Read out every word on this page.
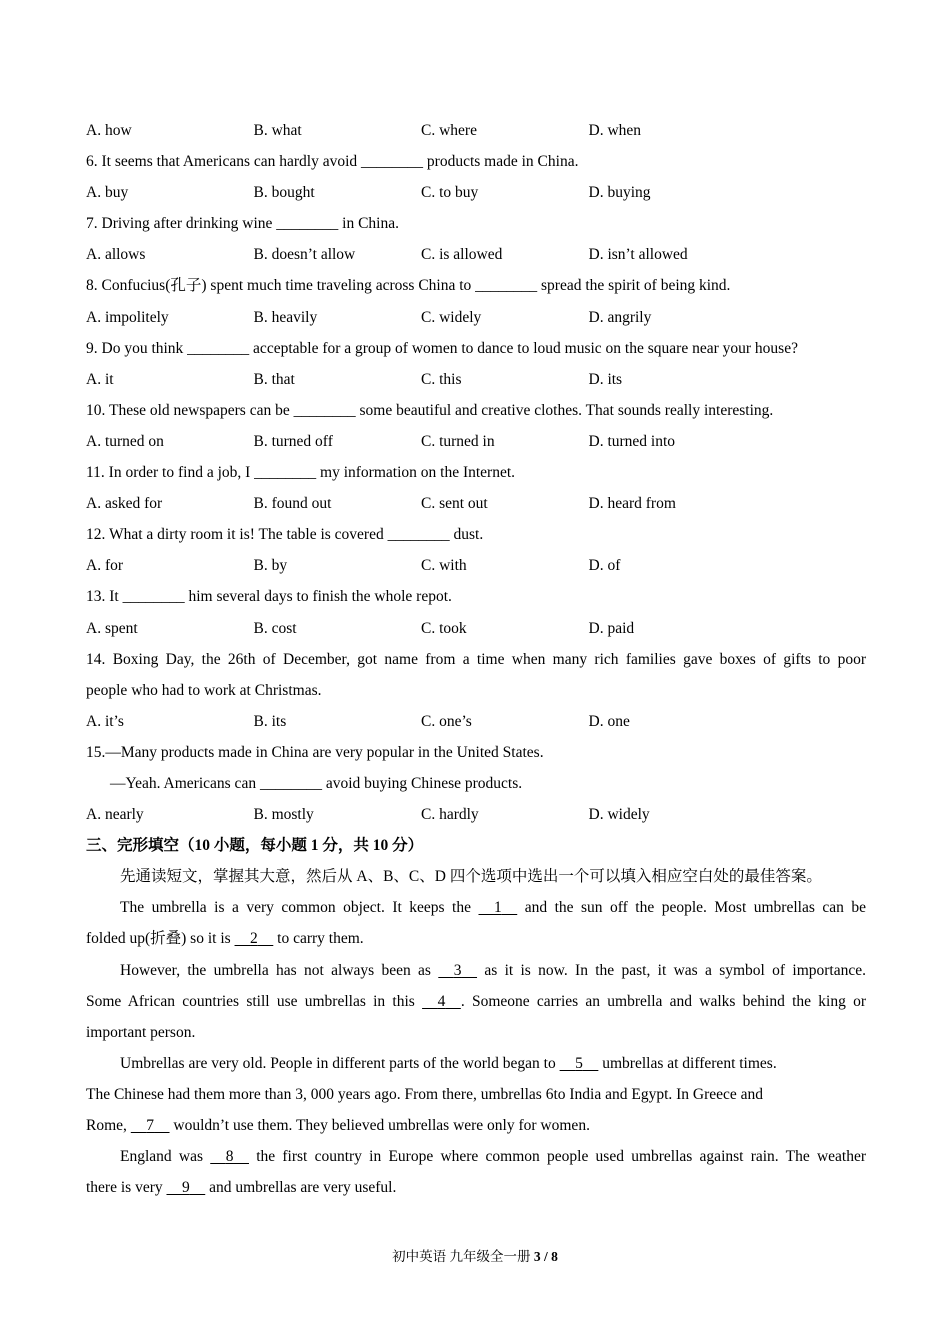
A. how	B. what	C. where	D. when
6. It seems that Americans can hardly avoid ________ products made in China.
A. buy	B. bought	C. to buy	D. buying
7. Driving after drinking wine ________ in China.
A. allows	B. doesn’t allow	C. is allowed	D. isn’t allowed
8. Confucius(孔子) spent much time traveling across China to ________ spread the spirit of being kind.
A. impolitely	B. heavily	C. widely	D. angrily
9. Do you think ________ acceptable for a group of women to dance to loud music on the square near your house?
A. it	B. that	C. this	D. its
10. These old newspapers can be ________ some beautiful and creative clothes. That sounds really interesting.
A. turned on	B. turned off	C. turned in	D. turned into
11. In order to find a job, I ________ my information on the Internet.
A. asked for	B. found out	C. sent out	D. heard from
12. What a dirty room it is! The table is covered ________ dust.
A. for	B. by	C. with	D. of
13. It ________ him several days to finish the whole repot.
A. spent	B. cost	C. took	D. paid
14. Boxing Day, the 26th of December, got name from a time when many rich families gave boxes of gifts to poor
people who had to work at Christmas.
A. it’s	B. its	C. one’s	D. one
15.—Many products made in China are very popular in the United States.
—Yeah. Americans can ________ avoid buying Chinese products.
A. nearly	B. mostly	C. hardly	D. widely
三、完形填空（10 小题，每小题 1 分，共 10 分）
先通读短文，掌握其大意，然后从 A、B、C、D 四个选项中选出一个可以填入相应空白处的最佳答案。
The umbrella is a very common object. It keeps the     1     and the sun off the people. Most umbrellas can be
folded up(折叠) so it is     2     to carry them.
However, the umbrella has not always been as     3     as it is now. In the past, it was a symbol of importance.
Some African countries still use umbrellas in this     4 . Someone carries an umbrella and walks behind the king or
important person.
Umbrellas are very old. People in different parts of the world began to     5     umbrellas at different times.
The Chinese had them more than 3, 000 years ago. From there, umbrellas 6to India and Egypt. In Greece and
Rome,     7     wouldn’t use them. They believed umbrellas were only for women.
England was     8     the first country in Europe where common people used umbrellas against rain. The weather
there is very     9     and umbrellas are very useful.
初中英语 九年级全一册 3 / 8
